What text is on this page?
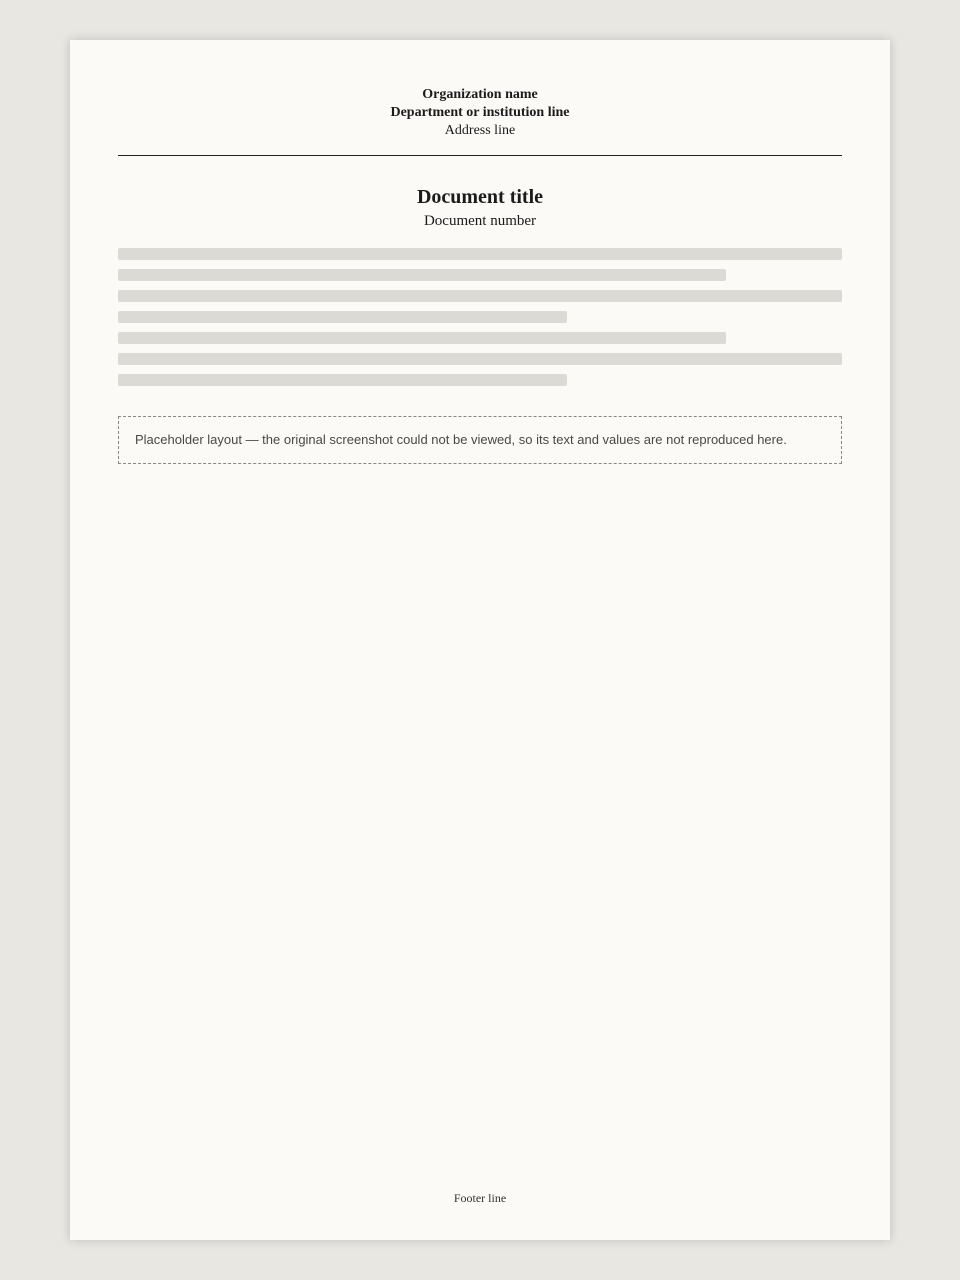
Organization name
Department or institution line
Address line
Document title
Document number
Placeholder layout — the original screenshot could not be viewed, so its text and values are not reproduced here.
Footer line
